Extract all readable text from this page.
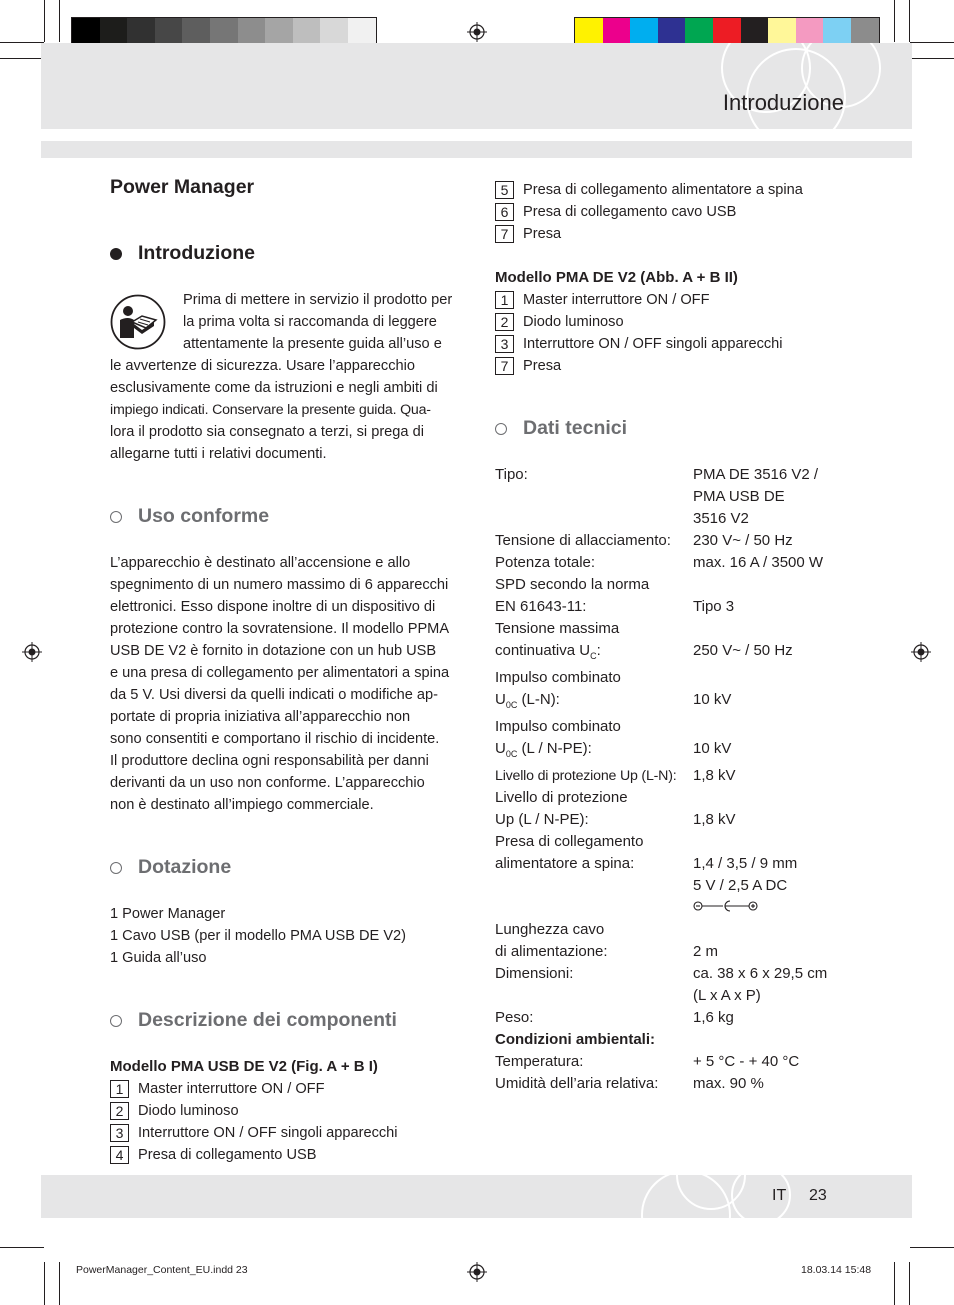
Introduzione
IT 23
PowerManager_Content_EU.indd 23	18.03.14 15:48
Power Manager
Introduzione
Prima di mettere in servizio il prodotto per
la prima volta si raccomanda di leggere
attentamente la presente guida all’uso e
le avvertenze di sicurezza. Usare l’apparecchio
esclusivamente come da istruzioni e negli ambiti di
impiego indicati. Conservare la presente guida. Qua-
lora il prodotto sia consegnato a terzi, si prega di
allegarne tutti i relativi documenti.
Uso conforme
L’apparecchio è destinato all’accensione e allo
spegnimento di un numero massimo di 6 apparecchi
elettronici. Esso dispone inoltre di un dispositivo di
protezione contro la sovratensione. Il modello PPMA
USB DE V2 è fornito in dotazione con un hub USB
e una presa di collegamento per alimentatori a spina
da 5 V. Usi diversi da quelli indicati o modifiche ap-
portate di propria iniziativa all’apparecchio non
sono consentiti e comportano il rischio di incidente.
Il produttore declina ogni responsabilità per danni
derivanti da un uso non conforme. L’apparecchio
non è destinato all’impiego commerciale.
Dotazione
1 Power Manager
1 Cavo USB (per il modello PMA USB DE V2)
1 Guida all’uso
Descrizione dei componenti
Modello PMA USB DE V2 (Fig. A + B I)
1	Master interruttore ON / OFF
2	Diodo luminoso
3	Interruttore ON / OFF singoli apparecchi
4	Presa di collegamento USB
5	Presa di collegamento alimentatore a spina
6	Presa di collegamento cavo USB
7	Presa
Modello PMA DE V2 (Abb. A + B II)
1	Master interruttore ON / OFF
2	Diodo luminoso
3	Interruttore ON / OFF singoli apparecchi
7	Presa
Dati tecnici
Tipo:	PMA DE 3516 V2 /
PMA USB DE
3516 V2
Tensione di allacciamento:	230 V~ / 50 Hz
Potenza totale:	max. 16 A / 3500 W
SPD secondo la norma
EN 61643-11:	Tipo 3
Tensione massima
continuativa $U_C$:	250 V~ / 50 Hz
Impulso combinato
$U_{0C}$ (L-N):	10 kV
Impulso combinato
$U_{0C}$ (L / N-PE):	10 kV
Livello di protezione Up (L-N):	1,8 kV
Livello di protezione
Up (L / N-PE):	1,8 kV
Presa di collegamento
alimentatore a spina:	1,4 / 3,5 / 9 mm
5 V / 2,5 A DC
Lunghezza cavo
di alimentazione:	2 m
Dimensioni:	ca. 38 x 6 x 29,5 cm
(L x A x P)
Peso:	1,6 kg
Condizioni ambientali:
Temperatura:	+ 5 °C - + 40 °C
Umidità dell’aria relativa:	max. 90 %
